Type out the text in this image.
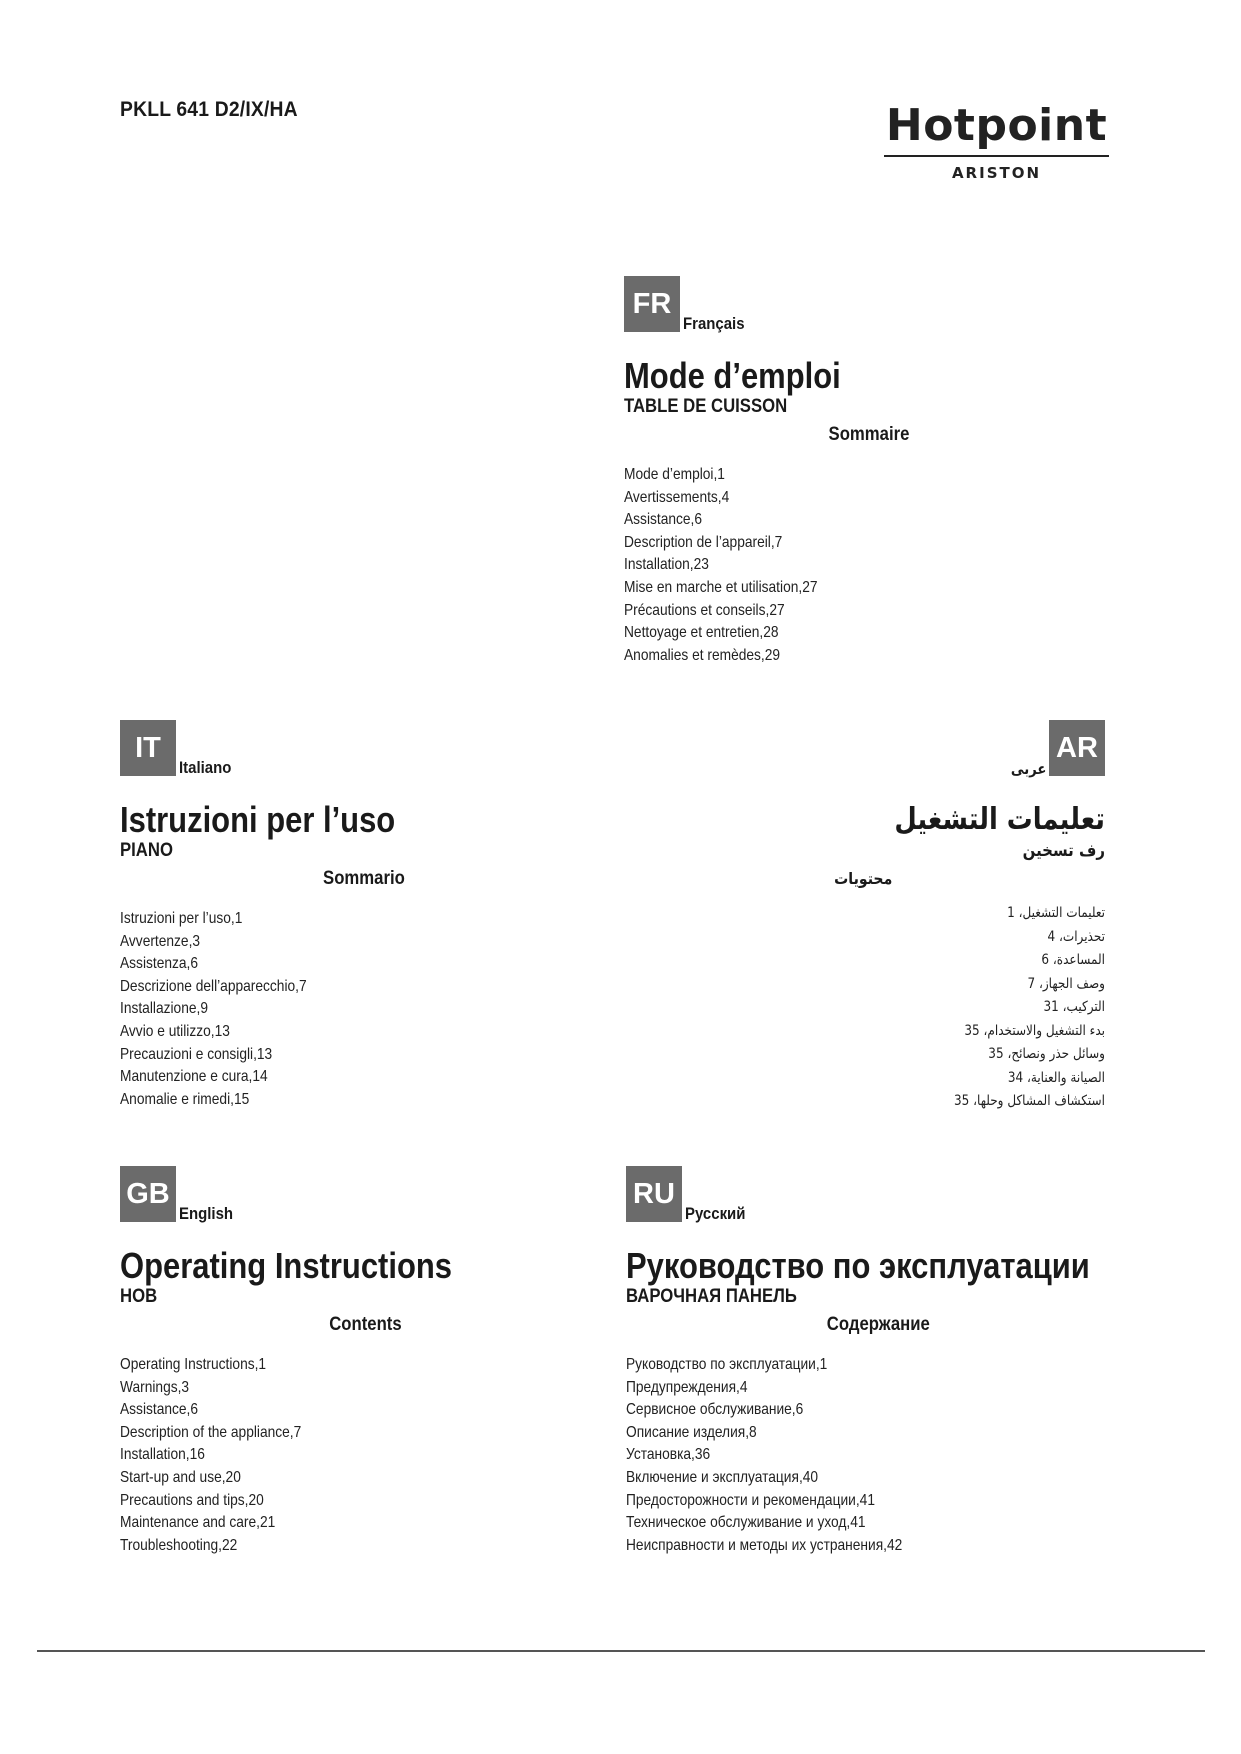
PKLL 641 D2/IX/HA	Hotpoint
ARISTON
FR
Français
Mode d’emploi
TABLE DE CUISSON
Sommaire
Mode d’emploi,1
Avertissements,4
Assistance,6
Description de l’appareil,7
Installation,23
Mise en marche et utilisation,27
Précautions et conseils,27
Nettoyage et entretien,28
Anomalies et remèdes,29
IT
Italiano
Istruzioni per l’uso
PIANO
Sommario
Istruzioni per l’uso,1
Avvertenze,3
Assistenza,6
Descrizione dell’apparecchio,7
Installazione,9
Avvio e utilizzo,13
Precauzioni e consigli,13
Manutenzione e cura,14
Anomalie e rimedi,15
AR
عربى
تعليمات التشغيل
رف تسخين
محتويات
تعليمات التشغيل، 1
تحذيرات، 4
المساعدة، 6
وصف الجهاز، 7
التركيب، 31
بدء التشغيل والاستخدام، 35
وسائل حذر ونصائح، 35
الصيانة والعناية، 34
استكشاف المشاكل وحلها، 35
GB
English
Operating Instructions
HOB
Contents
Operating Instructions,1
Warnings,3
Assistance,6
Description of the appliance,7
Installation,16
Start-up and use,20
Precautions and tips,20
Maintenance and care,21
Troubleshooting,22
RU
Русский
Руководство по эксплуатации
ВАРОЧНАЯ ПАНЕЛЬ
Содержание
Руководство по эксплуатации,1
Предупреждения,4
Сервисное обслуживание,6
Описание изделия,8
Установка,36
Включение и эксплуатация,40
Предосторожности и рекомендации,41
Техническое обслуживание и уход,41
Неисправности и методы их устранения,42
